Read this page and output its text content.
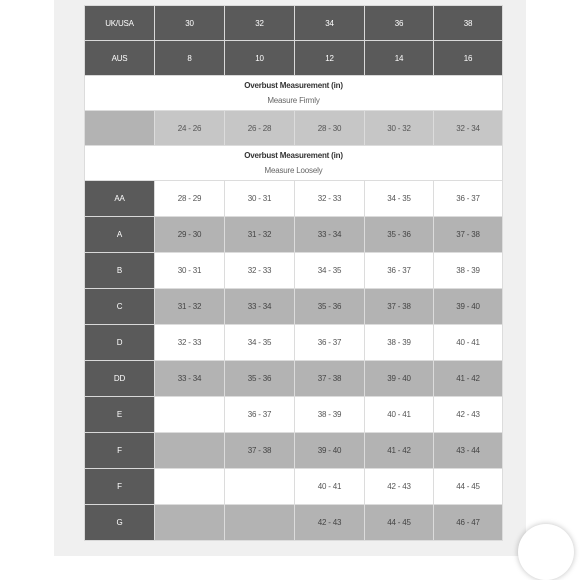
UK/USA	30	32	34	36	38
AUS	8	10	12	14	16

Overbust Measurement (in)
Measure Firmly					

	24 - 26	26 - 28	28 - 30	30 - 32	32 - 34

Overbust Measurement (in)
Measure Loosely					

AA	28 - 29	30 - 31	32 - 33	34 - 35	36 - 37
A	29 - 30	31 - 32	33 - 34	35 - 36	37 - 38
B	30 - 31	32 - 33	34 - 35	36 - 37	38 - 39
C	31 - 32	33 - 34	35 - 36	37 - 38	39 - 40
D	32 - 33	34 - 35	36 - 37	38 - 39	40 - 41
DD	33 - 34	35 - 36	37 - 38	39 - 40	41 - 42
E		36 - 37	38 - 39	40 - 41	42 - 43
F		37 - 38	39 - 40	41 - 42	43 - 44
F			40 - 41	42 - 43	44 - 45
G			42 - 43	44 - 45	46 - 47
